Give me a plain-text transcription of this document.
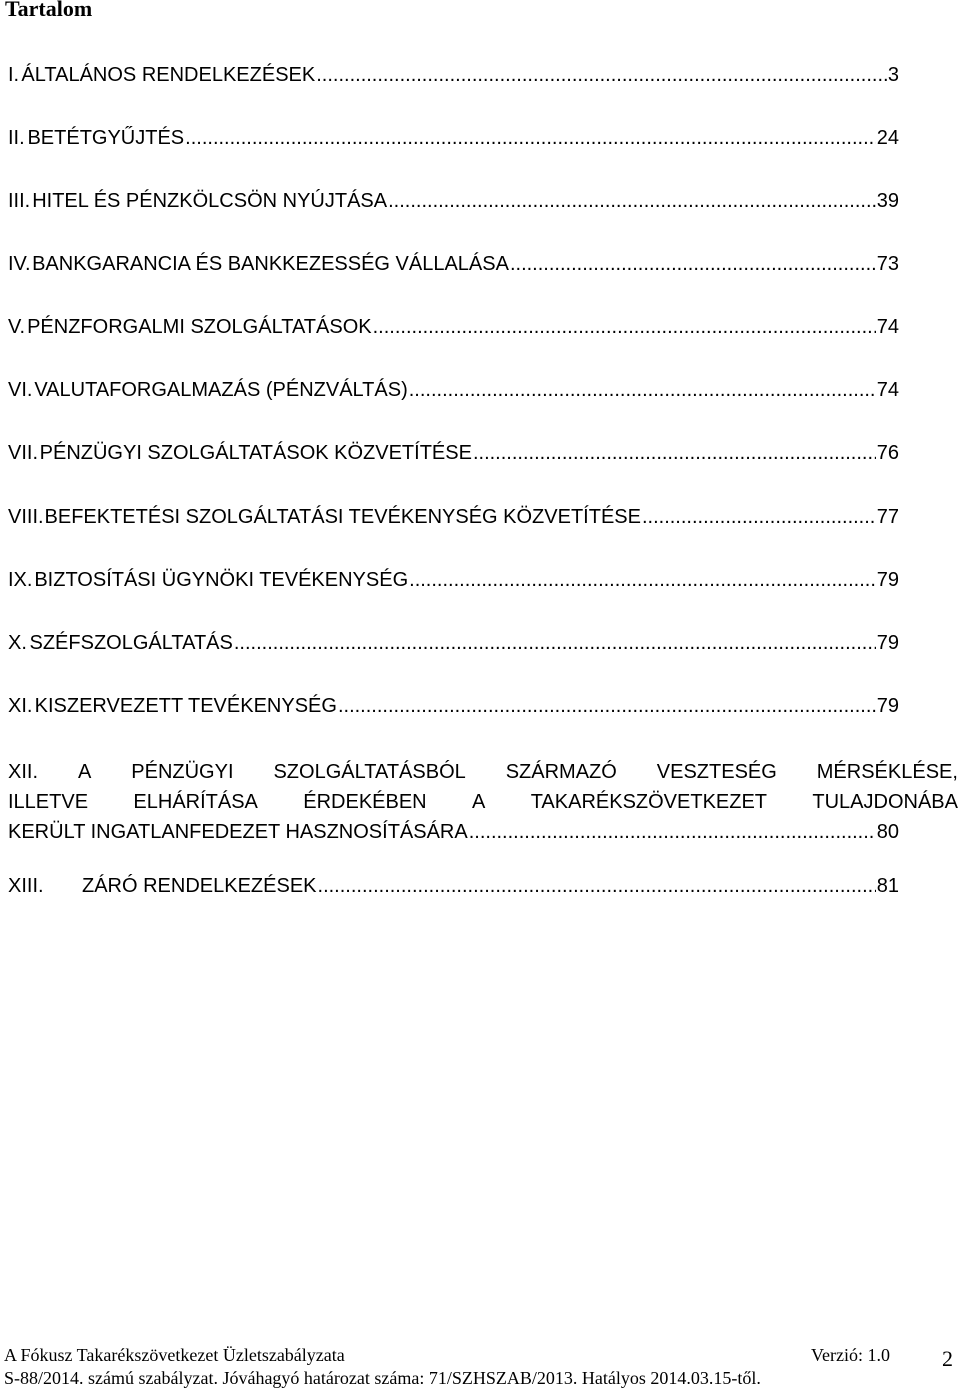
Tartalom
I. ÁLTALÁNOS RENDELKEZÉSEK .....	3
II. BETÉTGYŰJTÉS .....	24
III. HITEL ÉS PÉNZKÖLCSÖN NYÚJTÁSA .....	39
IV. BANKGARANCIA ÉS BANKKEZESSÉG VÁLLALÁSA .....	73
V. PÉNZFORGALMI SZOLGÁLTATÁSOK .....	74
VI. VALUTAFORGALMAZÁS (PÉNZVÁLTÁS) .....	74
VII. PÉNZÜGYI SZOLGÁLTATÁSOK KÖZVETÍTÉSE .....	76
VIII. BEFEKTETÉSI SZOLGÁLTATÁSI TEVÉKENYSÉG KÖZVETÍTÉSE .....	77
IX. BIZTOSÍTÁSI ÜGYNÖKI TEVÉKENYSÉG .....	79
X. SZÉFSZOLGÁLTATÁS .....	79
XI. KISZERVEZETT TEVÉKENYSÉG .....	79
XII. A PÉNZÜGYI SZOLGÁLTATÁSBÓL SZÁRMAZÓ VESZTESÉG MÉRSÉKLÉSE,
ILLETVE ELHÁRÍTÁSA ÉRDEKÉBEN A TAKARÉKSZÖVETKEZET TULAJDONÁBA
KERÜLT INGATLANFEDEZET HASZNOSÍTÁSÁRA .....	80
XIII.	ZÁRÓ RENDELKEZÉSEK .....	81
A Fókusz Takarékszövetkezet Üzletszabályzata	Verzió: 1.0
S-88/2014. számú szabályzat. Jóváhagyó határozat száma: 71/SZHSZAB/2013. Hatályos 2014.03.15-től.
2
